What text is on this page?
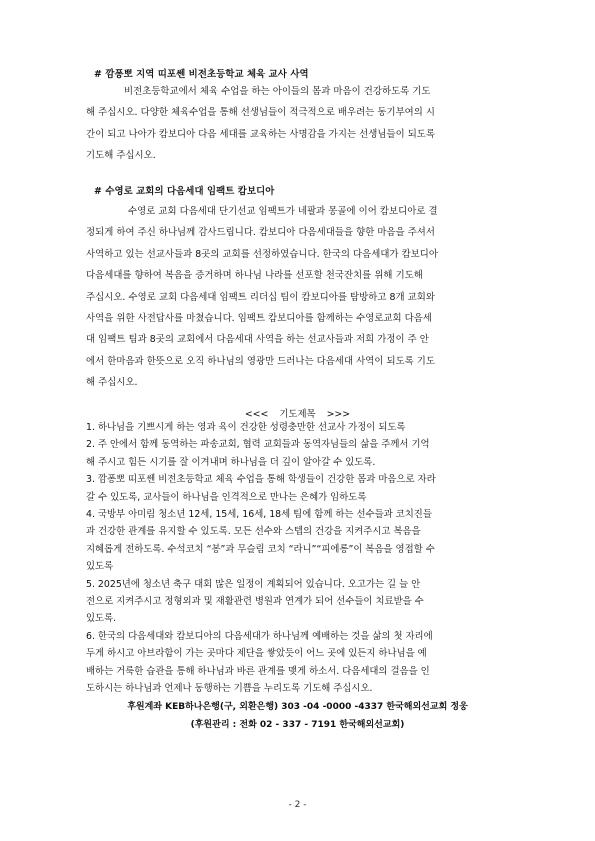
# 깜퐁뽀 지역 띠포쎈 비전초등학교 체육 교사 사역
비전초등학교에서 체육 수업을 하는 아이들의 몸과 마음이 건강하도록 기도
해 주십시오. 다양한 체육수업을 통해 선생님들이 적극적으로 배우려는 동기부여의 시
간이 되고 나아가 캄보디아 다음 세대를 교육하는 사명감을 가지는 선생님들이 되도록
기도해 주십시오.
# 수영로 교회의 다음세대 임팩트 캄보디아
수영로 교회 다음세대 단기선교 임팩트가 네팔과 몽골에 이어 캄보디아로 결
정되게 하여 주신 하나님께 감사드립니다. 캄보디아 다음세대들을 향한 마음을 주셔서
사역하고 있는 선교사들과 8곳의 교회를 선정하였습니다. 한국의 다음세대가 캄보디아
다음세대를 향하여 복음을 증거하며 하나님 나라를 선포할 천국잔치를 위해 기도해
주십시오. 수영로 교회 다음세대 임팩트 리더십 팀이 캄보디아를 탐방하고 8개 교회와
사역을 위한 사전답사를 마쳤습니다. 임팩트 캄보디아를 함께하는 수영로교회 다음세
대 임팩트 팀과 8곳의 교회에서 다음세대 사역을 하는 선교사들과 저희 가정이 주 안
에서 한마음과 한뜻으로 오직 하나님의 영광만 드러나는 다음세대 사역이 되도록 기도
해 주십시오.
<<< 기도제목 >>>
1. 하나님을 기쁘시게 하는 영과 육이 건강한 성령충만한 선교사 가정이 되도록
2. 주 안에서 함께 동역하는 파송교회, 협력 교회들과 동역자님들의 삶을 주께서 기억
해 주시고 힘든 시기를 잘 이겨내며 하나님을 더 깊이 알아갈 수 있도록.
3. 깜퐁뽀 띠포쎈 비전초등학교 체육 수업을 통해 학생들이 건강한 몸과 마음으로 자라
갈 수 있도록, 교사들이 하나님을 인격적으로 만나는 은혜가 임하도록
4. 국방부 아미림 청소년 12세, 15세, 16세, 18세 팀에 함께 하는 선수들과 코치진들
과 건강한 관계를 유지할 수 있도록. 모든 선수와 스텝의 건강을 지켜주시고 복음을
지혜롭게 전하도록. 수석코치 “봉”과 무슬림 코치 “라니”“피에롱”이 복음을 영접할 수
있도록
5. 2025년에 청소년 축구 대회 많은 일정이 계획되어 있습니다. 오고가는 길 늘 안
전으로 지켜주시고 정형외과 및 재활관련 병원과 연계가 되어 선수들이 치료받을 수
있도록.
6. 한국의 다음세대와 캄보디아의 다음세대가 하나님께 예배하는 것을 삶의 첫 자리에
두게 하시고 아브라함이 가는 곳마다 제단을 쌓았듯이 어느 곳에 있든지 하나님을 예
배하는 거룩한 습관을 통해 하나님과 바른 관계를 맺게 하소서. 다음세대의 걸음을 인
도하시는 하나님과 언제나 동행하는 기쁨을 누리도록 기도해 주십시오.
후원계좌 KEB하나은행(구, 외환은행) 303 -04 -0000 -4337 한국해외선교회 정웅
(후원관리 : 전화 02 - 337 - 7191 한국해외선교회)
- 2 -
